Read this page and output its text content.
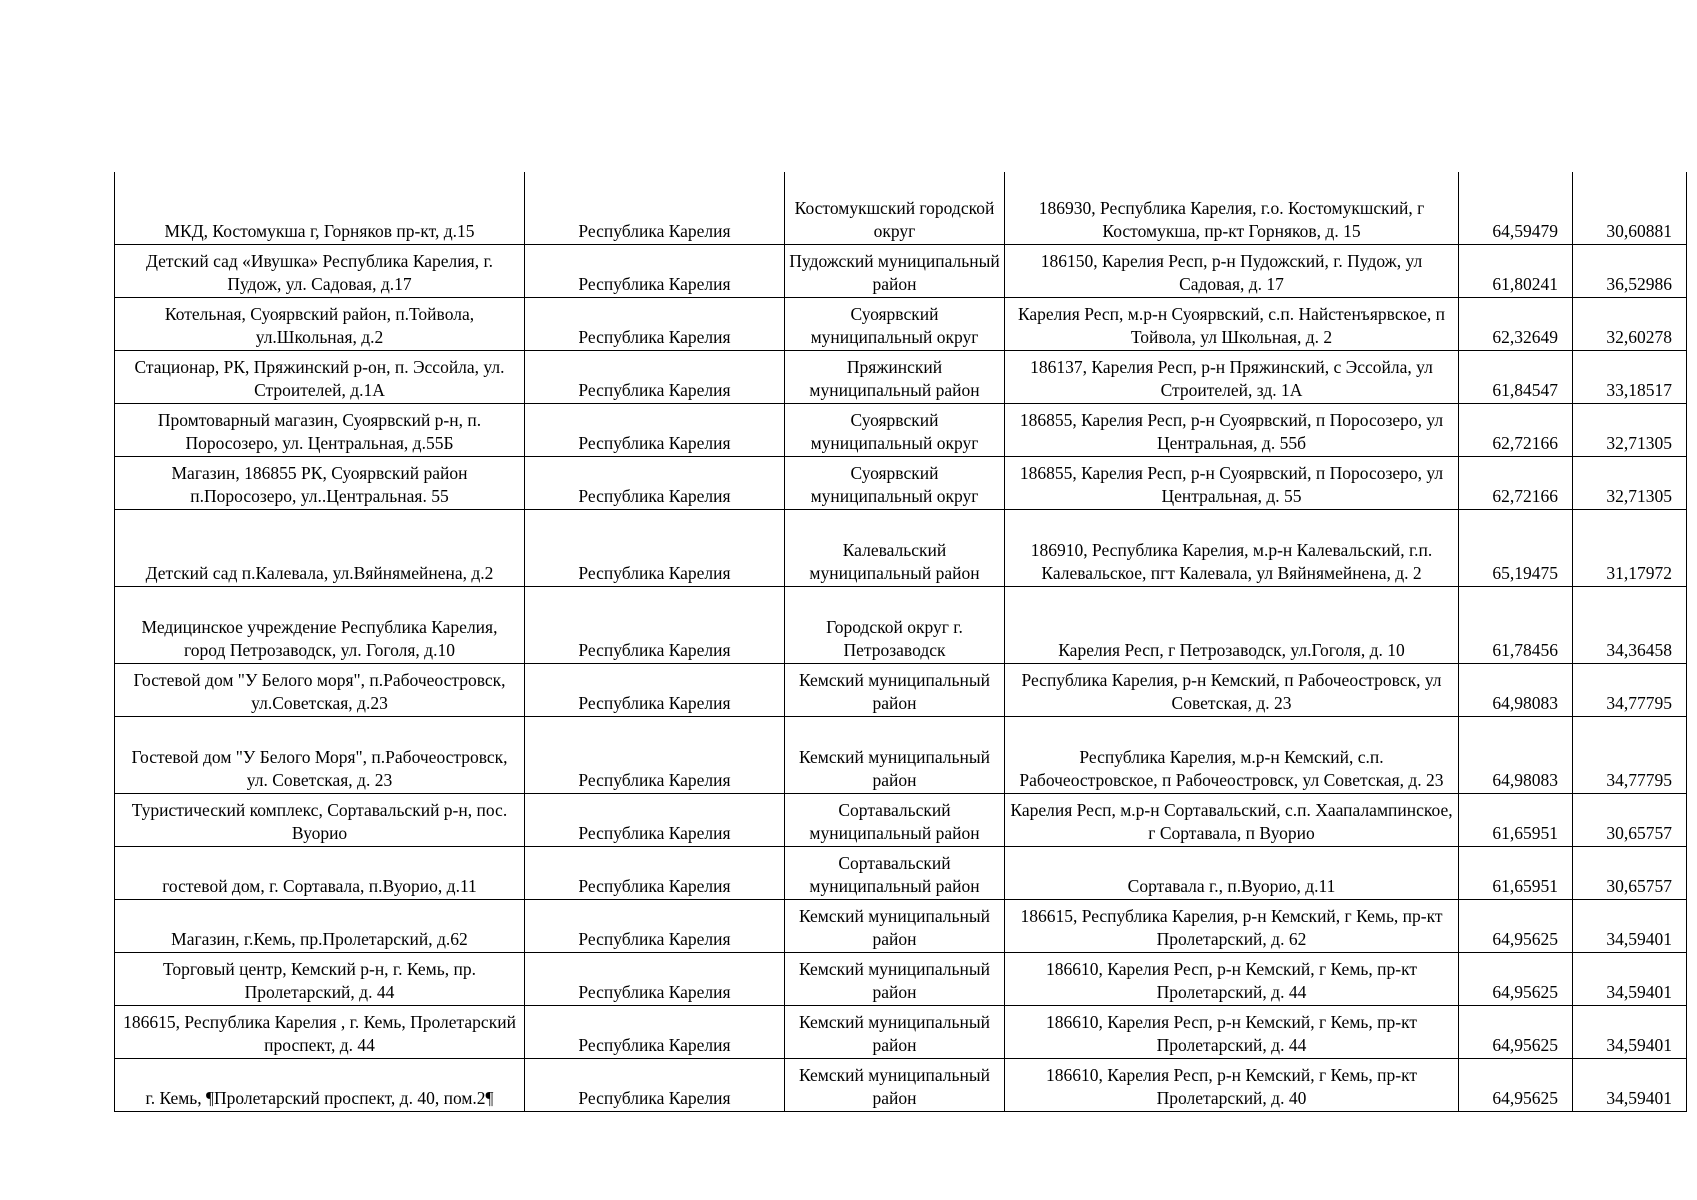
МКД, Костомукша г, Горняков пр-кт, д.15	Республика Карелия	Костомукшский городской округ	186930, Республика Карелия, г.о. Костомукшский, г Костомукша, пр-кт Горняков, д. 15	64,59479	30,60881
Детский сад «Ивушка» Республика Карелия, г. Пудож, ул. Садовая, д.17	Республика Карелия	Пудожский муниципальный район	186150, Карелия Респ, р-н Пудожский, г. Пудож, ул Садовая, д. 17	61,80241	36,52986
Котельная, Суоярвский район, п.Тойвола, ул.Школьная, д.2	Республика Карелия	Суоярвский муниципальный округ	Карелия Респ, м.р-н Суоярвский, с.п. Найстенъярвское, п Тойвола, ул Школьная, д. 2	62,32649	32,60278
Стационар, РК, Пряжинский р-он, п. Эссойла, ул. Строителей, д.1А	Республика Карелия	Пряжинский муниципальный район	186137, Карелия Респ, р-н Пряжинский, с Эссойла, ул Строителей, зд. 1А	61,84547	33,18517
Промтоварный магазин, Суоярвский р-н, п. Поросозеро, ул. Центральная, д.55Б	Республика Карелия	Суоярвский муниципальный округ	186855, Карелия Респ, р-н Суоярвский, п Поросозеро, ул Центральная, д. 55б	62,72166	32,71305
Магазин, 186855 РК, Суоярвский район п.Поросозеро, ул..Центральная. 55	Республика Карелия	Суоярвский муниципальный округ	186855, Карелия Респ, р-н Суоярвский, п Поросозеро, ул Центральная, д. 55	62,72166	32,71305
Детский сад п.Калевала, ул.Вяйнямейнена, д.2	Республика Карелия	Калевальский муниципальный район	186910, Республика Карелия, м.р-н Калевальский, г.п. Калевальское, пгт Калевала, ул Вяйнямейнена, д. 2	65,19475	31,17972
Медицинское учреждение Республика Карелия, город Петрозаводск, ул. Гоголя, д.10	Республика Карелия	Городской округ г. Петрозаводск	Карелия Респ, г Петрозаводск, ул.Гоголя, д. 10	61,78456	34,36458
Гостевой дом "У Белого моря", п.Рабочеостровск, ул.Советская, д.23	Республика Карелия	Кемский муниципальный район	Республика Карелия, р-н Кемский, п Рабочеостровск, ул Советская, д. 23	64,98083	34,77795
Гостевой дом "У Белого Моря", п.Рабочеостровск, ул. Советская, д. 23	Республика Карелия	Кемский муниципальный район	Республика Карелия, м.р-н Кемский, с.п. Рабочеостровское, п Рабочеостровск, ул Советская, д. 23	64,98083	34,77795
Туристический комплекс, Сортавальский р-н, пос. Вуорио	Республика Карелия	Сортавальский муниципальный район	Карелия Респ, м.р-н Сортавальский, с.п. Хаапалампинское, г Сортавала, п Вуорио	61,65951	30,65757
гостевой дом, г. Сортавала, п.Вуорио, д.11	Республика Карелия	Сортавальский муниципальный район	Сортавала г., п.Вуорио, д.11	61,65951	30,65757
Магазин, г.Кемь, пр.Пролетарский, д.62	Республика Карелия	Кемский муниципальный район	186615, Республика Карелия, р-н Кемский, г Кемь, пр-кт Пролетарский, д. 62	64,95625	34,59401
Торговый центр, Кемский р-н, г. Кемь, пр. Пролетарский, д. 44	Республика Карелия	Кемский муниципальный район	186610, Карелия Респ, р-н Кемский, г Кемь, пр-кт Пролетарский, д. 44	64,95625	34,59401
186615, Республика Карелия , г. Кемь, Пролетарский проспект, д. 44	Республика Карелия	Кемский муниципальный район	186610, Карелия Респ, р-н Кемский, г Кемь, пр-кт Пролетарский, д. 44	64,95625	34,59401
г. Кемь, ¶Пролетарский проспект, д. 40, пом.2¶	Республика Карелия	Кемский муниципальный район	186610, Карелия Респ, р-н Кемский, г Кемь, пр-кт Пролетарский, д. 40	64,95625	34,59401
